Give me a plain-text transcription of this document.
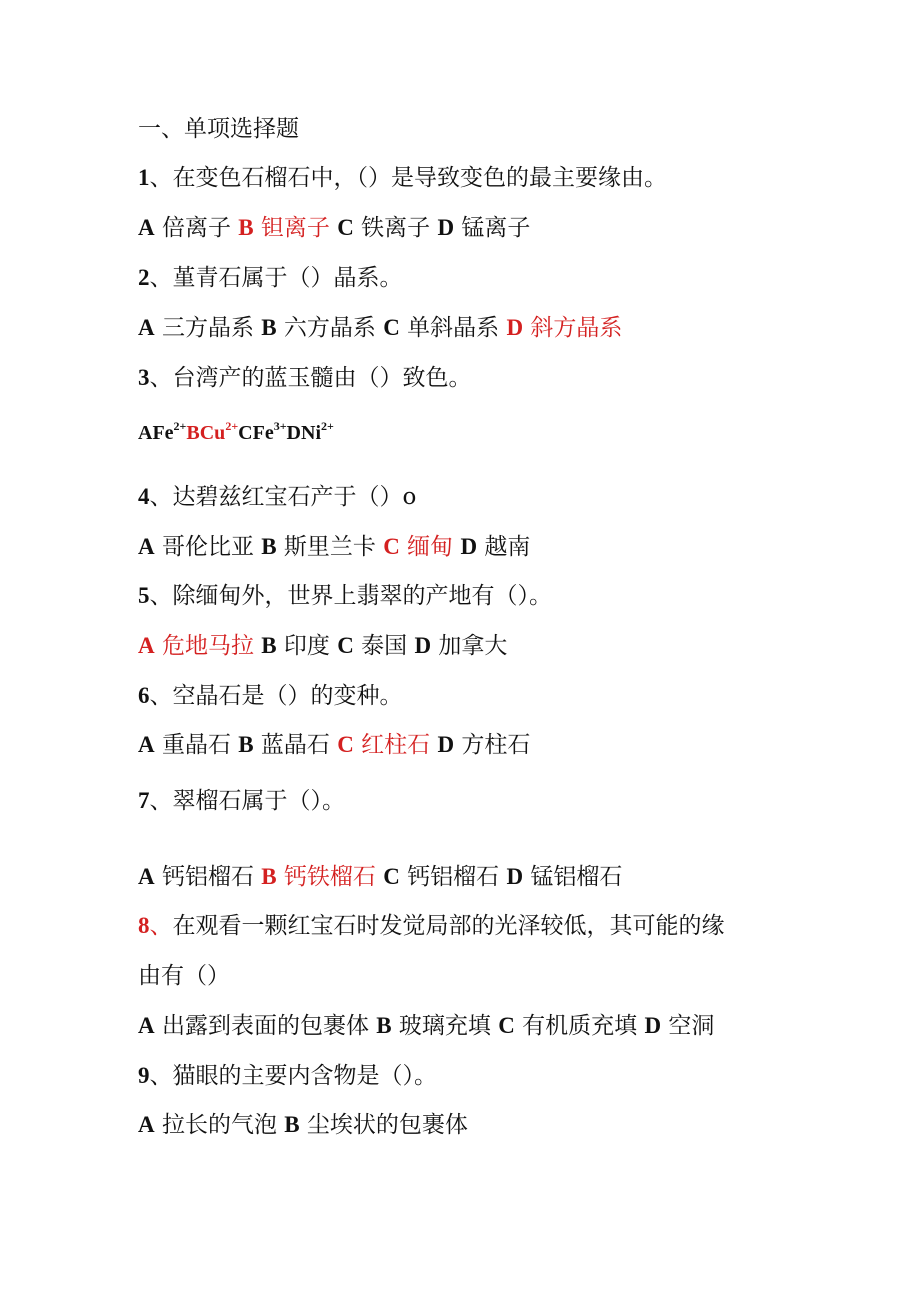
一、单项选择题
1、在变色石榴石中，（）是导致变色的最主要缘由。
A 倍离子 B 钽离子 C 铁离子 D 锰离子
2、堇青石属于（）晶系。
A 三方晶系 B 六方晶系 C 单斜晶系 D 斜方晶系
3、台湾产的蓝玉髓由（）致色。
AFe$^{2+}$BCu$^{2+}$CFe$^{3+}$DNi$^{2+}$
4、达碧兹红宝石产于（）o
A 哥伦比亚 B 斯里兰卡 C 缅甸 D 越南
5、除缅甸外，世界上翡翠的产地有（）。
A 危地马拉 B 印度 C 泰国 D 加拿大
6、空晶石是（）的变种。
A 重晶石 B 蓝晶石 C 红柱石 D 方柱石
7、翠榴石属于（）。
A 钙铝榴石 B 钙铁榴石 C 钙铝榴石 D 锰铝榴石
8、在观看一颗红宝石时发觉局部的光泽较低，其可能的缘
由有（）
A 出露到表面的包裹体 B 玻璃充填 C 有机质充填 D 空洞
9、猫眼的主要内含物是（）。
A 拉长的气泡 B 尘埃状的包裹体
